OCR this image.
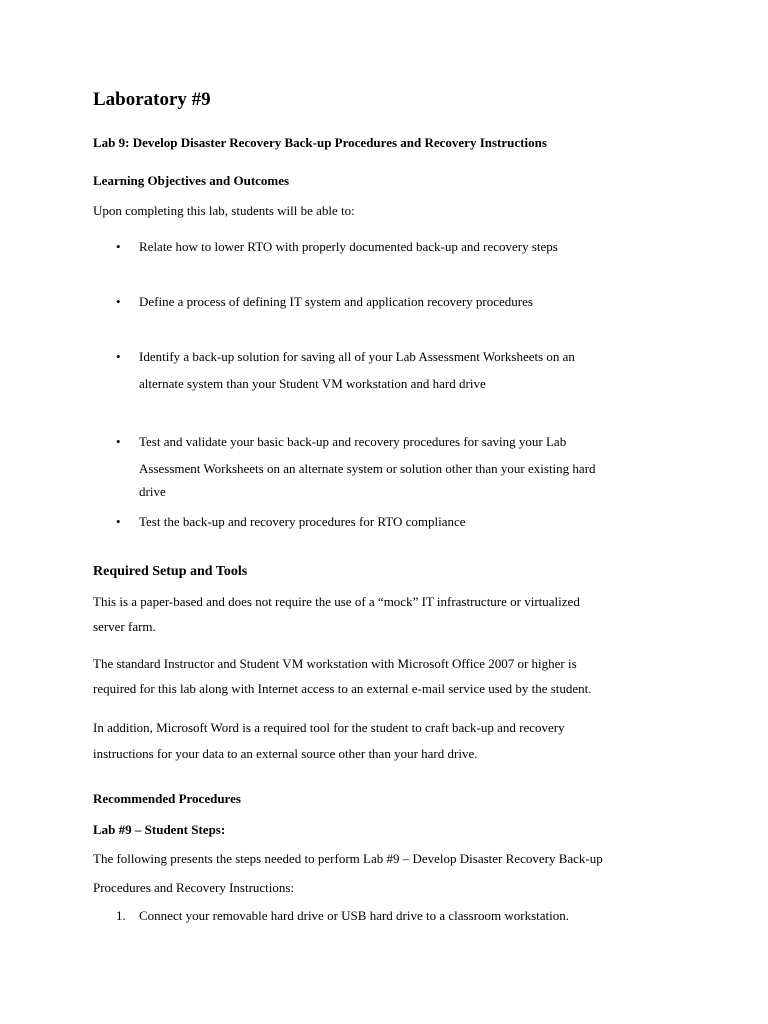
Laboratory #9
Lab 9: Develop Disaster Recovery Back-up Procedures and Recovery Instructions
Learning Objectives and Outcomes
Upon completing this lab, students will be able to:
• Relate how to lower RTO with properly documented back-up and recovery steps
• Define a process of defining IT system and application recovery procedures
• Identify a back-up solution for saving all of your Lab Assessment Worksheets on an
alternate system than your Student VM workstation and hard drive
• Test and validate your basic back-up and recovery procedures for saving your Lab
Assessment Worksheets on an alternate system or solution other than your existing hard
drive
• Test the back-up and recovery procedures for RTO compliance
Required Setup and Tools
This is a paper-based and does not require the use of a “mock” IT infrastructure or virtualized
server farm.
The standard Instructor and Student VM workstation with Microsoft Office 2007 or higher is
required for this lab along with Internet access to an external e-mail service used by the student.
In addition, Microsoft Word is a required tool for the student to craft back-up and recovery
instructions for your data to an external source other than your hard drive.
Recommended Procedures
Lab #9 – Student Steps:
The following presents the steps needed to perform Lab #9 – Develop Disaster Recovery Back-up
Procedures and Recovery Instructions:
1. Connect your removable hard drive or USB hard drive to a classroom workstation.
